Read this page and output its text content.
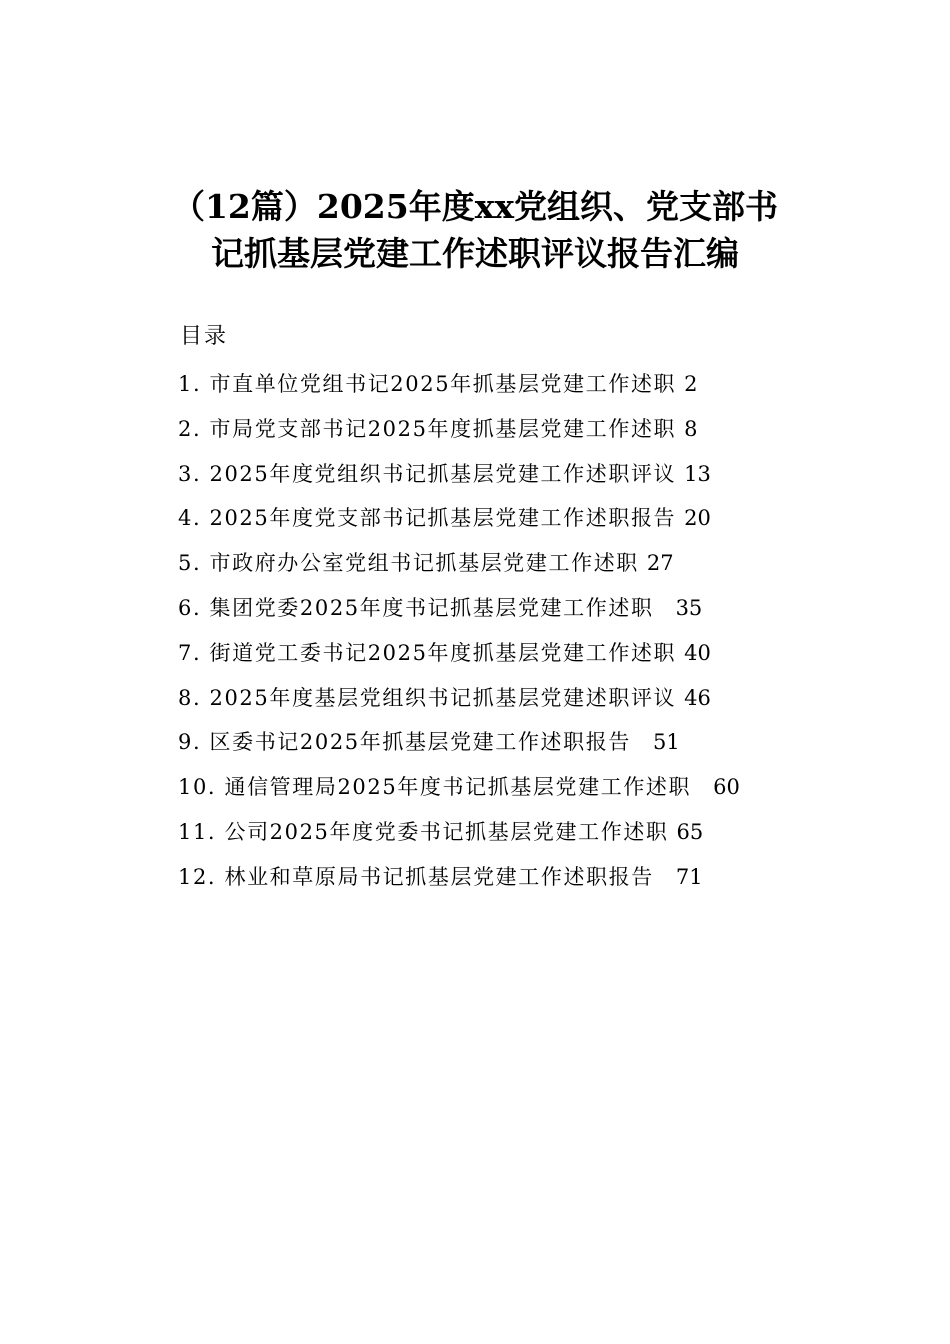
（12篇）2025年度xx党组织、党支部书
记抓基层党建工作述职评议报告汇编

目录

1. 市直单位党组书记2025年抓基层党建工作述职 2
2. 市局党支部书记2025年度抓基层党建工作述职 8
3. 2025年度党组织书记抓基层党建工作述职评议 13
4. 2025年度党支部书记抓基层党建工作述职报告 20
5. 市政府办公室党组书记抓基层党建工作述职 27
6. 集团党委2025年度书记抓基层党建工作述职 35
7. 街道党工委书记2025年度抓基层党建工作述职 40
8. 2025年度基层党组织书记抓基层党建述职评议 46
9. 区委书记2025年抓基层党建工作述职报告 51
10. 通信管理局2025年度书记抓基层党建工作述职 60
11. 公司2025年度党委书记抓基层党建工作述职 65
12. 林业和草原局书记抓基层党建工作述职报告 71
